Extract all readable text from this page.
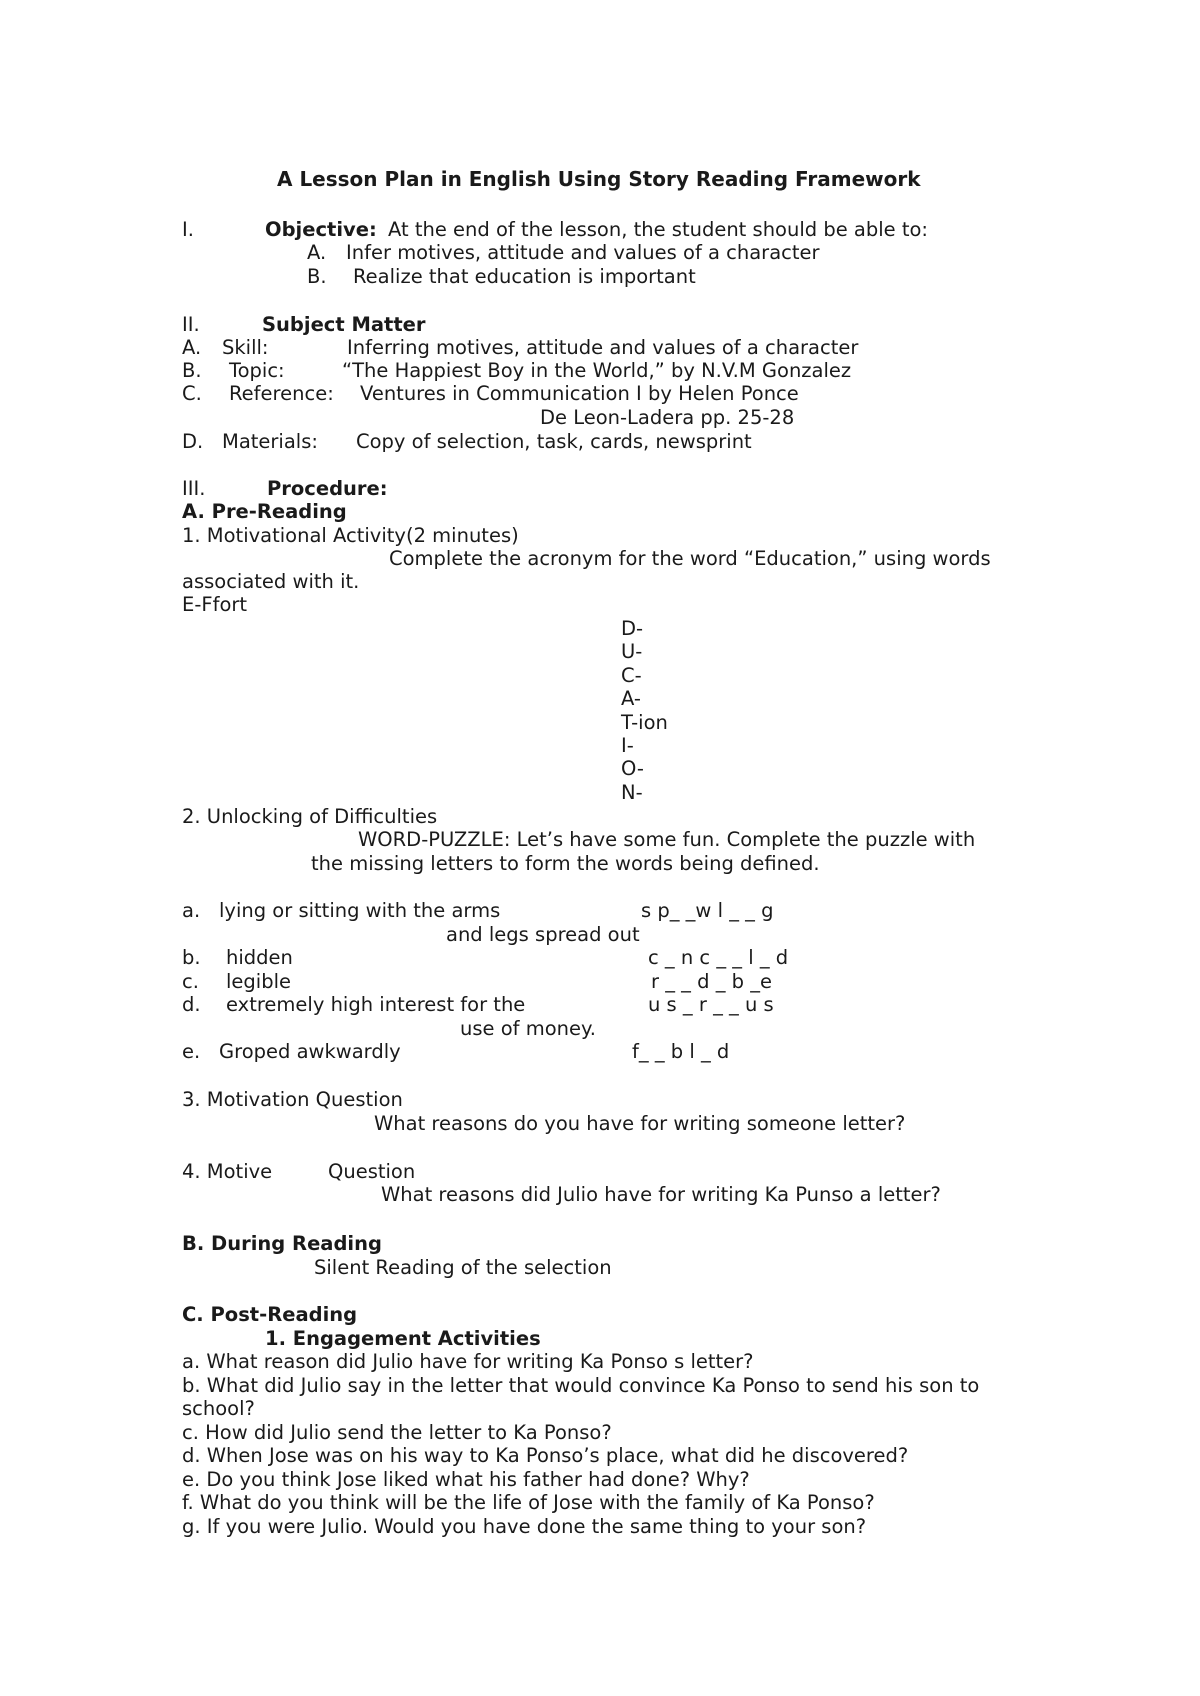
A Lesson Plan in English Using Story Reading Framework
I.	Objective: At the end of the lesson, the student should be able to:
A. Infer motives, attitude and values of a character
B. Realize that education is important
II.	Subject Matter
A. Skill:	Inferring motives, attitude and values of a character
B. Topic:	“The Happiest Boy in the World,” by N.V.M Gonzalez
C. Reference: Ventures in Communication I by Helen Ponce
De Leon-Ladera pp. 25-28
D. Materials: Copy of selection, task, cards, newsprint
III.	Procedure:
A. Pre-Reading
1. Motivational Activity(2 minutes)
Complete the acronym for the word “Education,” using words
associated with it.
E-Ffort
D-
U-
C-
A-
T-ion
I-
O-
N-
2. Unlocking of Difficulties
WORD-PUZZLE: Let’s have some fun. Complete the puzzle with
the missing letters to form the words being defined.
a. lying or sitting with the arms	s p_ _w l _ _ g
and legs spread out
b. hidden	c _ n c _ _ l _ d
c. legible	r _ _ d _ b _e
d. extremely high interest for the	u s _ r _ _ u s
use of money.
e. Groped awkwardly	f_ _ b l _ d
3. Motivation Question
What reasons do you have for writing someone letter?
4. Motive	Question
What reasons did Julio have for writing Ka Punso a letter?
B. During Reading
Silent Reading of the selection
C. Post-Reading
1. Engagement Activities
a. What reason did Julio have for writing Ka Ponso s letter?
b. What did Julio say in the letter that would convince Ka Ponso to send his son to
school?
c. How did Julio send the letter to Ka Ponso?
d. When Jose was on his way to Ka Ponso’s place, what did he discovered?
e. Do you think Jose liked what his father had done? Why?
f. What do you think will be the life of Jose with the family of Ka Ponso?
g. If you were Julio. Would you have done the same thing to your son?
